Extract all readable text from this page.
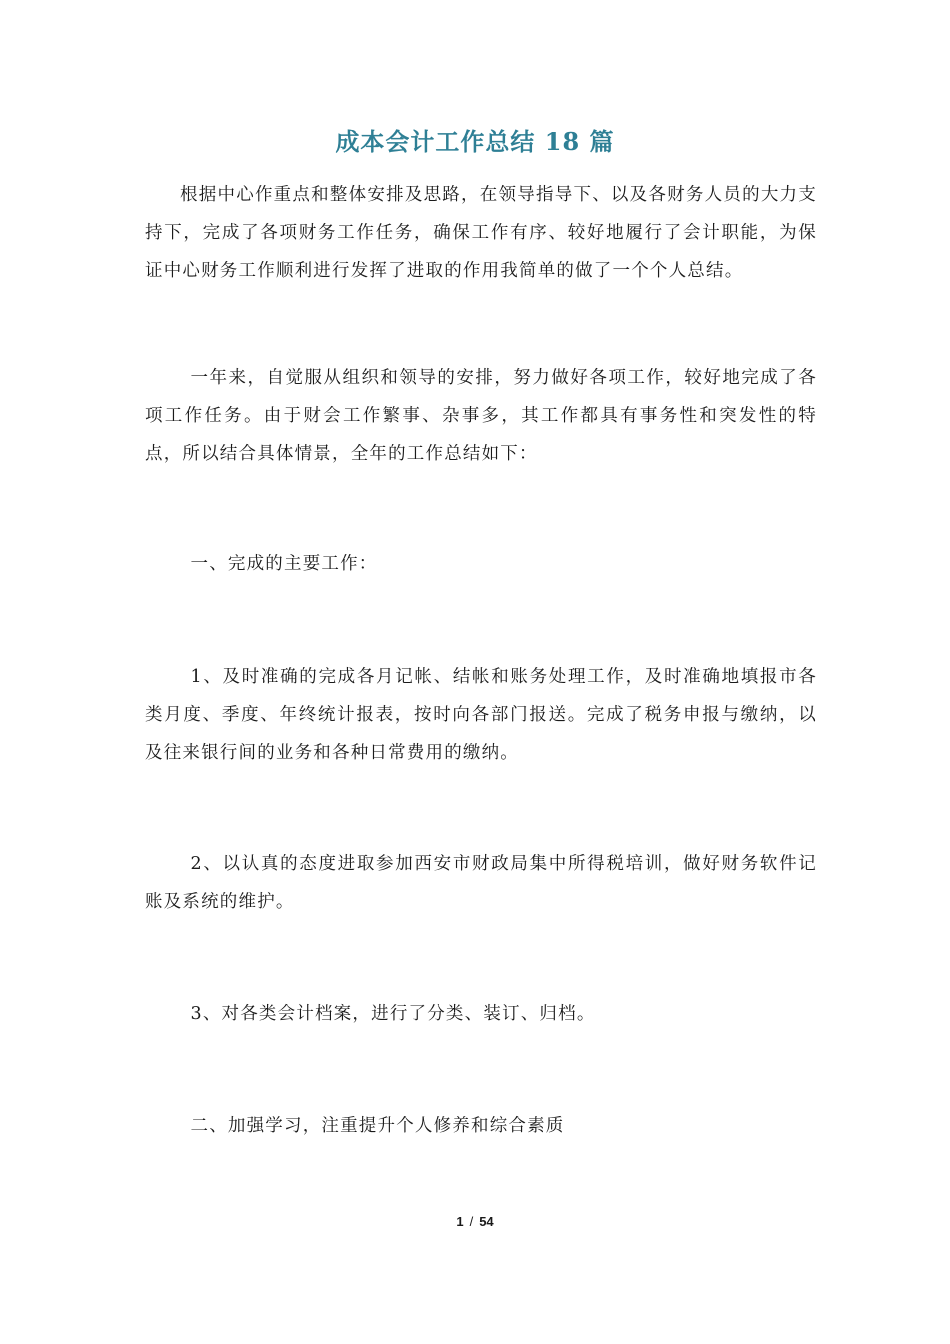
成本会计工作总结 18 篇

根据中心作重点和整体安排及思路，在领导指导下、以及各财务人员的大力支持下，完成了各项财务工作任务，确保工作有序、较好地履行了会计职能，为保证中心财务工作顺利进行发挥了进取的作用我简单的做了一个个人总结。

一年来，自觉服从组织和领导的安排，努力做好各项工作，较好地完成了各项工作任务。由于财会工作繁事、杂事多，其工作都具有事务性和突发性的特点，所以结合具体情景，全年的工作总结如下：

一、完成的主要工作：

1、及时准确的完成各月记帐、结帐和账务处理工作，及时准确地填报市各类月度、季度、年终统计报表，按时向各部门报送。完成了税务申报与缴纳，以及往来银行间的业务和各种日常费用的缴纳。

2、以认真的态度进取参加西安市财政局集中所得税培训，做好财务软件记账及系统的维护。

3、对各类会计档案，进行了分类、装订、归档。

二、加强学习，注重提升个人修养和综合素质

1 / 54
